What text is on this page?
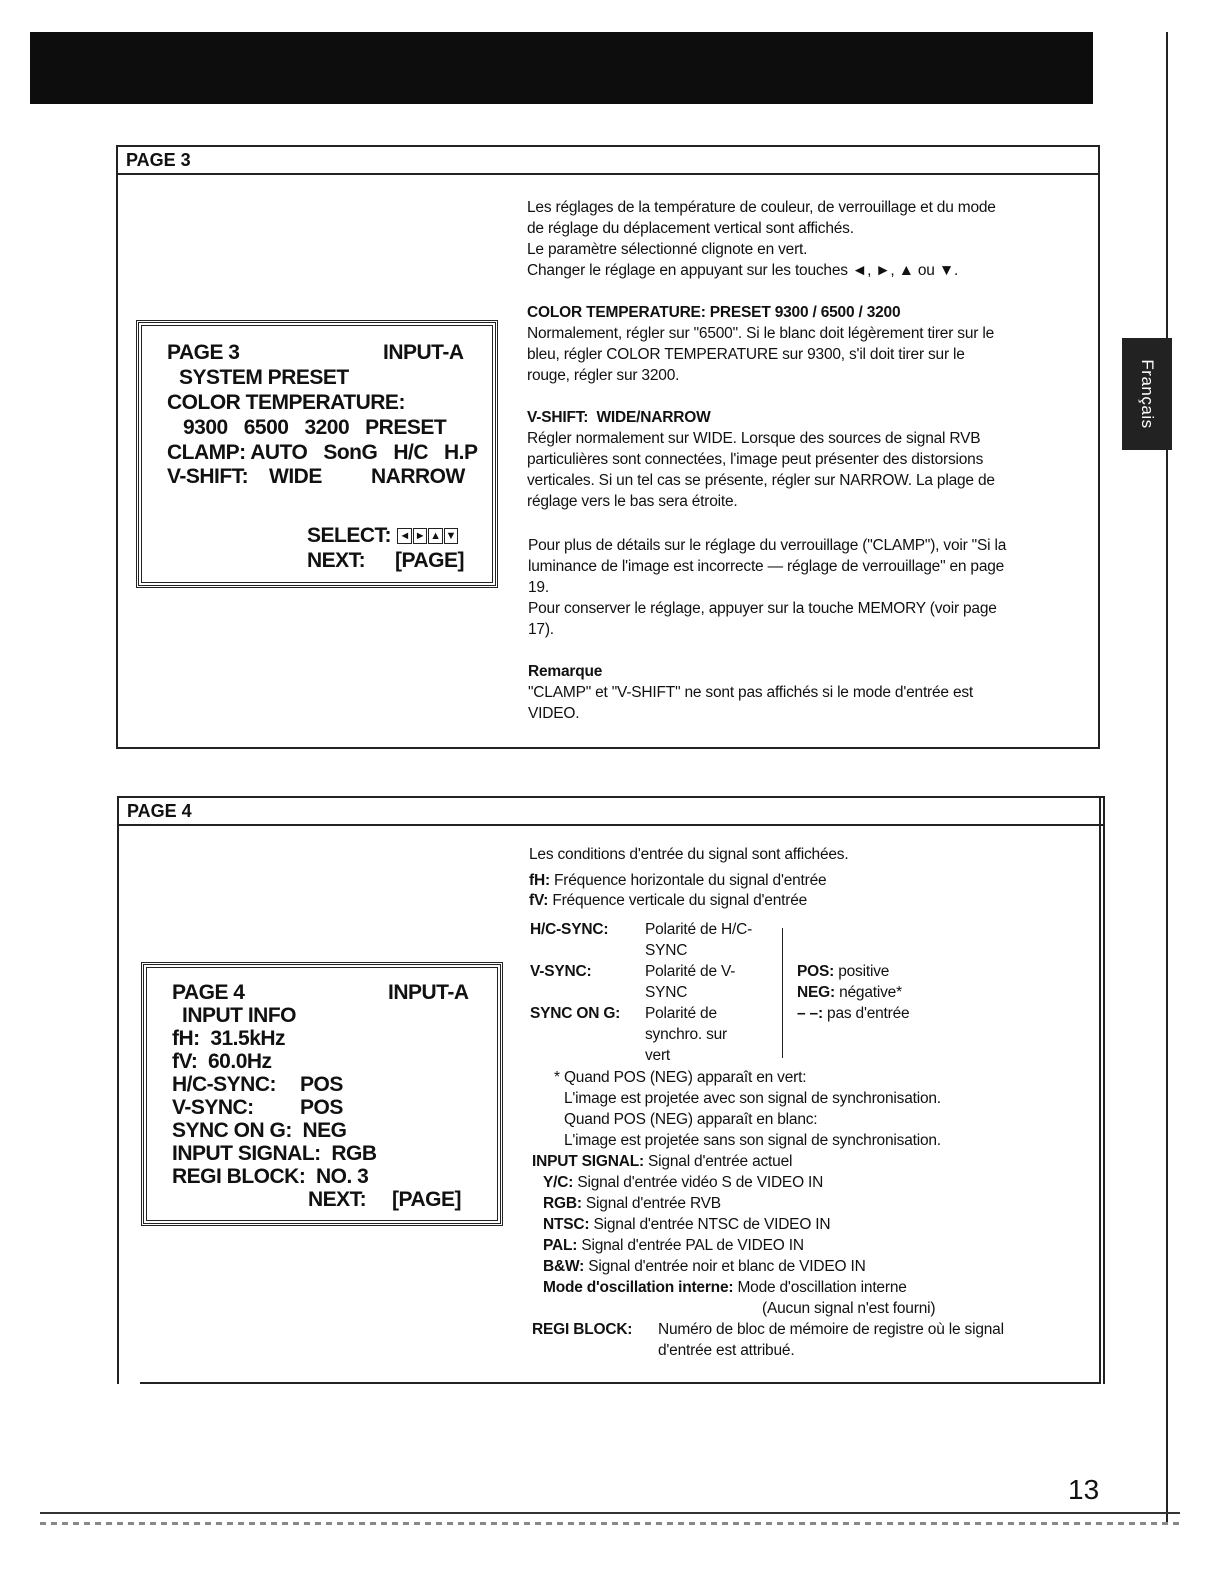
Français
PAGE 3
PAGE 3	INPUT-A
SYSTEM PRESET
COLOR TEMPERATURE:
9300   6500   3200   PRESET
CLAMP: AUTO   SonG   H/C   H.P
V-SHIFT: WIDE NARROW
SELECT: ◄ ► ▲ ▼
NEXT: [PAGE]
Les réglages de la température de couleur, de verrouillage et du mode
de réglage du déplacement vertical sont affichés.
Le paramètre sélectionné clignote en vert.
Changer le réglage en appuyant sur les touches ◄, ►, ▲ ou ▼.
COLOR TEMPERATURE: PRESET 9300 / 6500 / 3200
Normalement, régler sur "6500". Si le blanc doit légèrement tirer sur le
bleu, régler COLOR TEMPERATURE sur 9300, s'il doit tirer sur le
rouge, régler sur 3200.
V-SHIFT:  WIDE/NARROW
Régler normalement sur WIDE. Lorsque des sources de signal RVB
particulières sont connectées, l'image peut présenter des distorsions
verticales. Si un tel cas se présente, régler sur NARROW. La plage de
réglage vers le bas sera étroite.
Pour plus de détails sur le réglage du verrouillage ("CLAMP"), voir "Si la
luminance de l'image est incorrecte — réglage de verrouillage" en page
19.
Pour conserver le réglage, appuyer sur la touche MEMORY (voir page
17).
Remarque
"CLAMP" et "V-SHIFT" ne sont pas affichés si le mode d'entrée est
VIDEO.
PAGE 4
PAGE 4	INPUT-A
INPUT INFO
fH:  31.5kHz
fV:  60.0Hz
H/C-SYNC: POS
V-SYNC: POS
SYNC ON G:  NEG
INPUT SIGNAL:  RGB
REGI BLOCK:  NO. 3
NEXT: [PAGE]
Les conditions d'entrée du signal sont affichées.
fH: Fréquence horizontale du signal d'entrée
fV: Fréquence verticale du signal d'entrée
H/C-SYNC: Polarité de H/C-
SYNC
V-SYNC:	Polarité de V-
SYNC
SYNC ON G: Polarité de
synchro. sur
vert
POS: positive
NEG: négative*
– –: pas d'entrée
* Quand POS (NEG) apparaît en vert:
L'image est projetée avec son signal de synchronisation.
Quand POS (NEG) apparaît en blanc:
L'image est projetée sans son signal de synchronisation.
INPUT SIGNAL: Signal d'entrée actuel
Y/C: Signal d'entrée vidéo S de VIDEO IN
RGB: Signal d'entrée RVB
NTSC: Signal d'entrée NTSC de VIDEO IN
PAL: Signal d'entrée PAL de VIDEO IN
B&W: Signal d'entrée noir et blanc de VIDEO IN
Mode d'oscillation interne: Mode d'oscillation interne
(Aucun signal n'est fourni)
REGI BLOCK: Numéro de bloc de mémoire de registre où le signal
d'entrée est attribué.
13
